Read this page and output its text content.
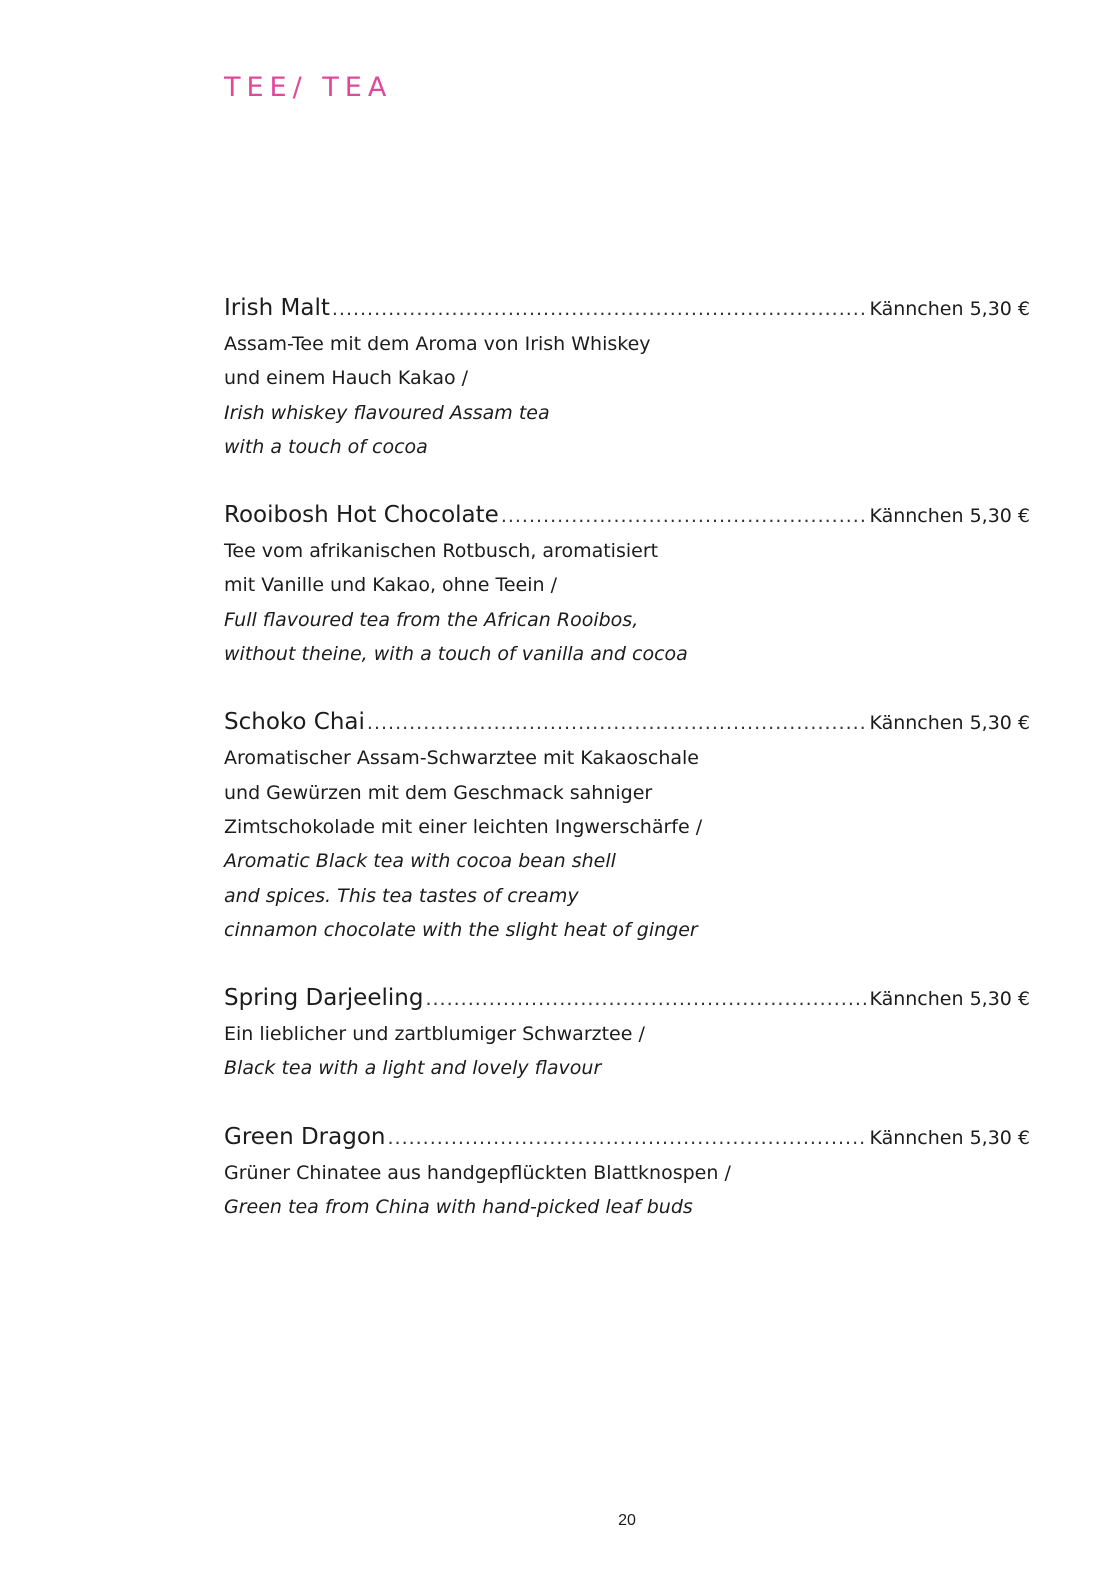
TEE/ TEA
Irish Malt .....	Kännchen 5,30 €
Assam-Tee mit dem Aroma von Irish Whiskey
und einem Hauch Kakao /
Irish whiskey flavoured Assam tea
with a touch of cocoa
Rooibosh Hot Chocolate .....	Kännchen 5,30 €
Tee vom afrikanischen Rotbusch, aromatisiert
mit Vanille und Kakao, ohne Teein /
Full flavoured tea from the African Rooibos,
without theine, with a touch of vanilla and cocoa
Schoko Chai .....	Kännchen 5,30 €
Aromatischer Assam-Schwarztee mit Kakaoschale
und Gewürzen mit dem Geschmack sahniger
Zimtschokolade mit einer leichten Ingwerschärfe /
Aromatic Black tea with cocoa bean shell
and spices. This tea tastes of creamy
cinnamon chocolate with the slight heat of ginger
Spring Darjeeling .....	Kännchen 5,30 €
Ein lieblicher und zartblumiger Schwarztee /
Black tea with a light and lovely flavour
Green Dragon .....	Kännchen 5,30 €
Grüner Chinatee aus handgepflückten Blattknospen /
Green tea from China with hand-picked leaf buds
20
